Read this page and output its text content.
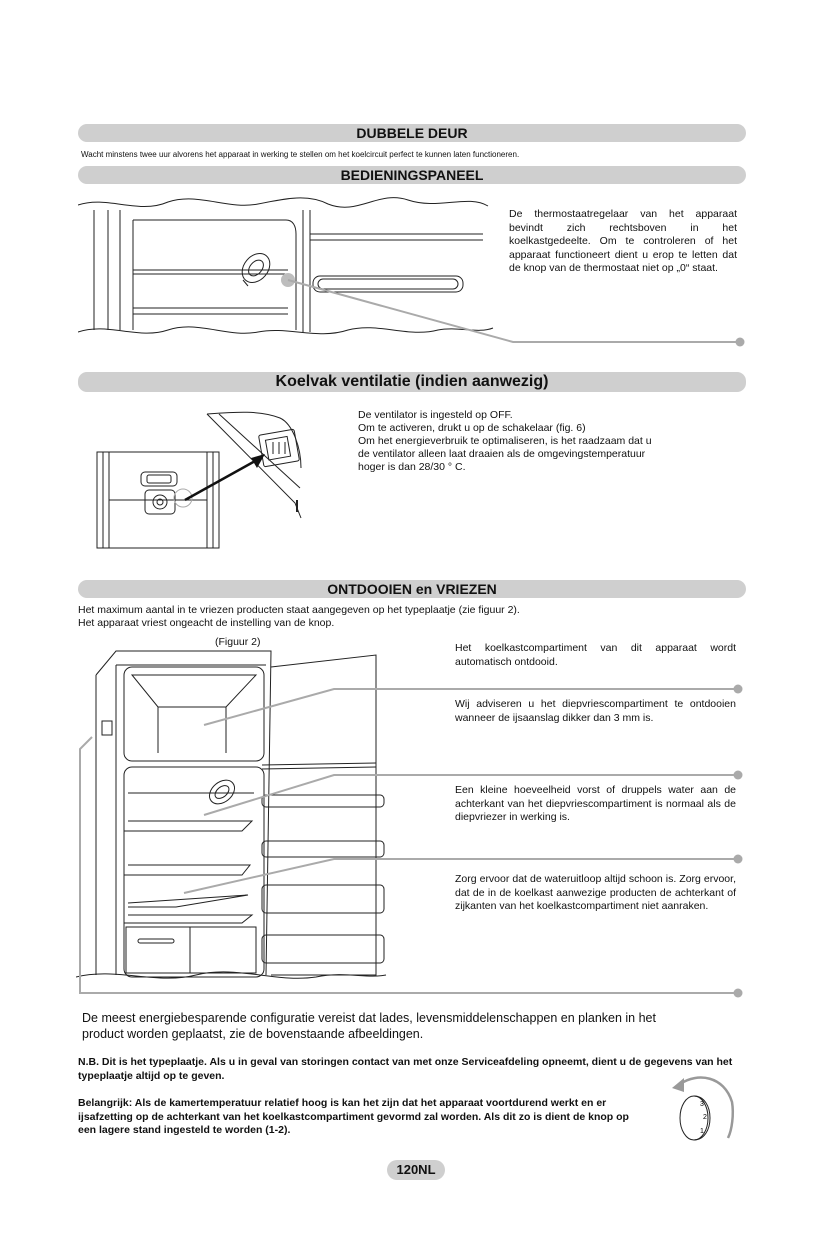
DUBBELE DEUR
Wacht minstens twee uur alvorens het apparaat in werking te stellen om het koelcircuit perfect te kunnen laten functioneren.
BEDIENINGSPANEEL
De thermostaatregelaar van het apparaat bevindt zich rechtsboven in het koelkastgedeelte. Om te controleren of het apparaat functioneert dient u erop te letten dat de knop van de thermostaat niet op „0“ staat.
Koelvak ventilatie (indien aanwezig)
De ventilator is ingesteld op OFF.
Om te activeren, drukt u op de schakelaar (fig. 6)
Om het energieverbruik te optimaliseren, is het raadzaam dat u
de ventilator alleen laat draaien als de omgevingstemperatuur
hoger is dan 28/30 ° C.
ONTDOOIEN en VRIEZEN
Het maximum aantal in te vriezen producten staat aangegeven op het typeplaatje (zie figuur 2).
Het apparaat vriest ongeacht de instelling van de knop.
(Figuur 2)	Het koelkastcompartiment van dit apparaat wordt automatisch ontdooid.
Wij adviseren u het diepvriescompartiment te ontdooien wanneer de ijsaanslag dikker dan 3 mm is.
Een kleine hoeveelheid vorst of druppels water aan de achterkant van het diepvriescompartiment is normaal als de diepvriezer in werking is.
Zorg ervoor dat de wateruitloop altijd schoon is. Zorg ervoor, dat de in de koelkast aanwezige producten de achterkant of zijkanten van het koelkastcompartiment niet aanraken.
De meest energiebesparende configuratie vereist dat lades, levensmiddelenschappen en planken in het
product worden geplaatst, zie de bovenstaande afbeeldingen.
N.B. Dit is het typeplaatje. Als u in geval van storingen contact van met onze Serviceafdeling opneemt, dient u de gegevens van het typeplaatje altijd op te geven.
Belangrijk: Als de kamertemperatuur relatief hoog is kan het zijn dat het apparaat voortdurend werkt en er ijsafzetting op de achterkant van het koelkastcompartiment gevormd zal worden. Als dit zo is dient de knop op een lagere stand ingesteld te worden (1-2).
3
2
1
120NL
